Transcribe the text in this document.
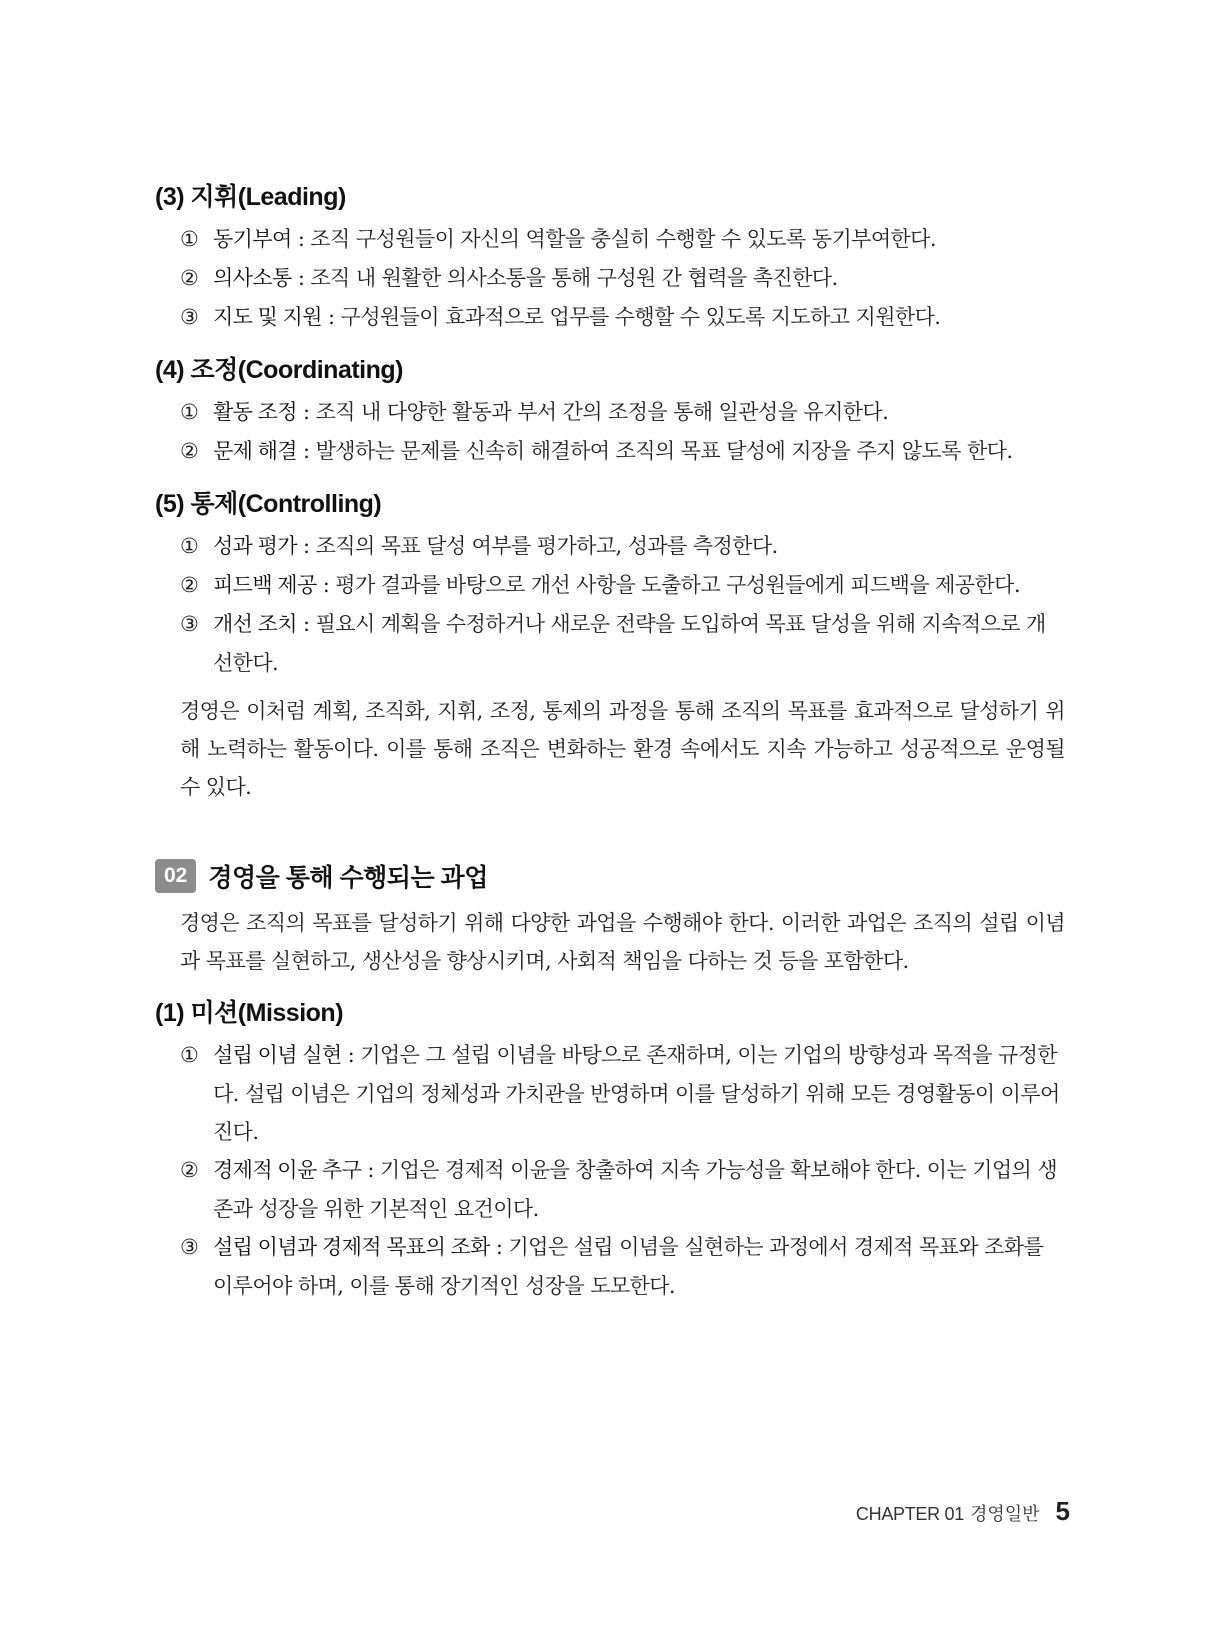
(3) 지휘(Leading)
① 동기부여 : 조직 구성원들이 자신의 역할을 충실히 수행할 수 있도록 동기부여한다.
② 의사소통 : 조직 내 원활한 의사소통을 통해 구성원 간 협력을 촉진한다.
③ 지도 및 지원 : 구성원들이 효과적으로 업무를 수행할 수 있도록 지도하고 지원한다.
(4) 조정(Coordinating)
① 활동 조정 : 조직 내 다양한 활동과 부서 간의 조정을 통해 일관성을 유지한다.
② 문제 해결 : 발생하는 문제를 신속히 해결하여 조직의 목표 달성에 지장을 주지 않도록 한다.
(5) 통제(Controlling)
① 성과 평가 : 조직의 목표 달성 여부를 평가하고, 성과를 측정한다.
② 피드백 제공 : 평가 결과를 바탕으로 개선 사항을 도출하고 구성원들에게 피드백을 제공한다.
③ 개선 조치 : 필요시 계획을 수정하거나 새로운 전략을 도입하여 목표 달성을 위해 지속적으로 개선한다.

경영은 이처럼 계획, 조직화, 지휘, 조정, 통제의 과정을 통해 조직의 목표를 효과적으로 달성하기 위해 노력하는 활동이다. 이를 통해 조직은 변화하는 환경 속에서도 지속 가능하고 성공적으로 운영될 수 있다.

02 경영을 통해 수행되는 과업

경영은 조직의 목표를 달성하기 위해 다양한 과업을 수행해야 한다. 이러한 과업은 조직의 설립 이념과 목표를 실현하고, 생산성을 향상시키며, 사회적 책임을 다하는 것 등을 포함한다.

(1) 미션(Mission)
① 설립 이념 실현 : 기업은 그 설립 이념을 바탕으로 존재하며, 이는 기업의 방향성과 목적을 규정한다. 설립 이념은 기업의 정체성과 가치관을 반영하며 이를 달성하기 위해 모든 경영활동이 이루어진다.
② 경제적 이윤 추구 : 기업은 경제적 이윤을 창출하여 지속 가능성을 확보해야 한다. 이는 기업의 생존과 성장을 위한 기본적인 요건이다.
③ 설립 이념과 경제적 목표의 조화 : 기업은 설립 이념을 실현하는 과정에서 경제적 목표와 조화를 이루어야 하며, 이를 통해 장기적인 성장을 도모한다.
CHAPTER 01 경영일반 5
